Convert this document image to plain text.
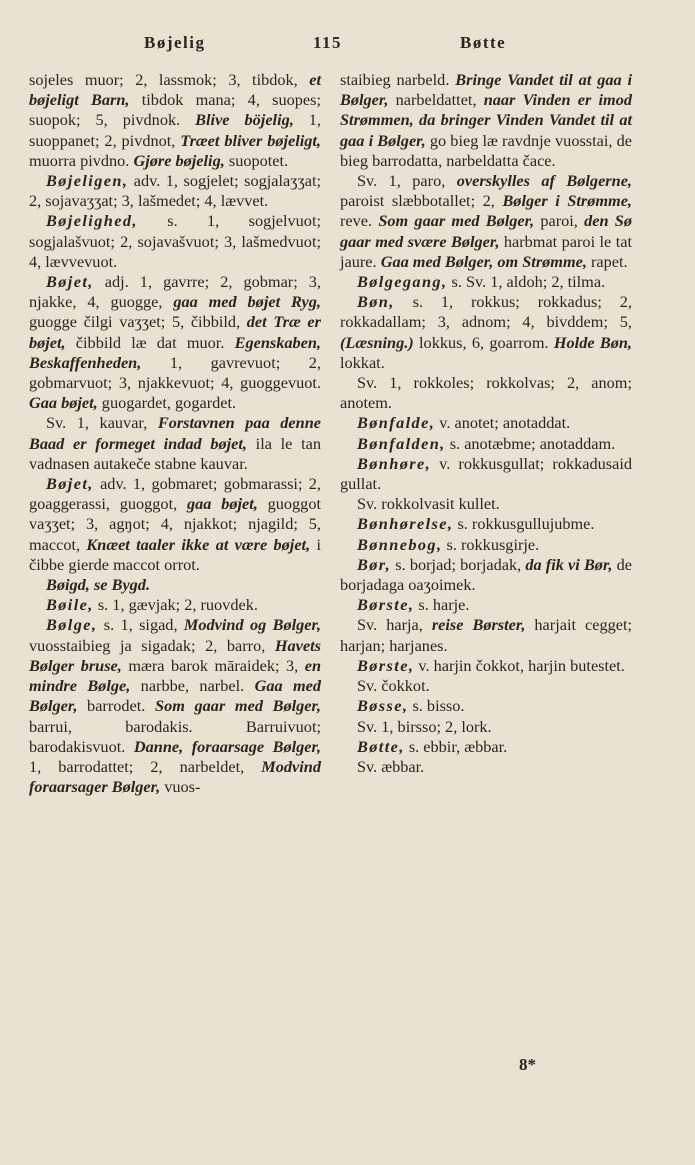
Bøjelig	115	Bøtte

sojeles muor; 2, lassmok; 3, tibdok, et bøjeligt Barn, tibdok mana; 4, suopes; suopok; 5, pivdnok. Blive böjelig, 1, suoppanet; 2, pivdnot, Træet bliver bøjeligt, muorra pivdno. Gjøre bøjelig, suopotet.

Bøjeligen, adv. 1, sogjelet; sogjalaʒʒat; 2, sojavaʒʒat; 3, lašmedet; 4, lævvet.

Bøjelighed, s. 1, sogjelvuot; sogjalašvuot; 2, sojavašvuot; 3, lašmedvuot; 4, lævvevuot.

Bøjet, adj. 1, gavrre; 2, gobmar; 3, njakke, 4, guogge, gaa med bøjet Ryg, guogge čilgi vaʒʒet; 5, čibbild, det Træ er bøjet, čibbild læ dat muor. Egenskaben, Beskaffenheden, 1, gavrevuot; 2, gobmarvuot; 3, njakkevuot; 4, guoggevuot. Gaa bøjet, guogardet, gogardet.

Sv. 1, kauvar, Forstavnen paa denne Baad er formeget indad bøjet, ila le tan vadnasen autakeče stabne kauvar.

Bøjet, adv. 1, gobmaret; gobmarassi; 2, goaggerassi, guoggot, gaa bøjet, guoggot vaʒʒet; 3, agŋot; 4, njakkot; njagild; 5, maccot, Knæet taaler ikke at være bøjet, i čibbe gierde maccot orrot.

Bøigd, se Bygd.

Bøile, s. 1, gævjak; 2, ruovdek.

Bølge, s. 1, sigad, Modvind og Bølger, vuosstaibieg ja sigadak; 2, barro, Havets Bølger bruse, mæra barok māraidek; 3, en mindre Bølge, narbbe, narbel. Gaa med Bølger, barrodet. Som gaar med Bølger, barrui, barodakis. Barruivuot; barodakisvuot. Danne, foraarsage Bølger, 1, barrodattet; 2, narbeldet, Modvind foraarsager Bølger, vuos-

staibieg narbeld. Bringe Vandet til at gaa i Bølger, narbeldattet, naar Vinden er imod Strømmen, da bringer Vinden Vandet til at gaa i Bølger, go bieg læ ravdnje vuosstai, de bieg barrodatta, narbeldatta čace.

Sv. 1, paro, overskylles af Bølgerne, paroist slæbbotallet; 2, Bølger i Strømme, reve. Som gaar med Bølger, paroi, den Sø gaar med svære Bølger, harbmat paroi le tat jaure. Gaa med Bølger, om Strømme, rapet.

Bølgegang, s. Sv. 1, aldoh; 2, tilma.

Bøn, s. 1, rokkus; rokkadus; 2, rokkadallam; 3, adnom; 4, bivddem; 5, (Læsning.) lokkus, 6, goarrom. Holde Bøn, lokkat.

Sv. 1, rokkoles; rokkolvas; 2, anom; anotem.

Bønfalde, v. anotet; anotaddat.

Bønfalden, s. anotæbme; anotaddam.

Bønhøre, v. rokkusgullat; rokkadusaid gullat.

Sv. rokkolvasit kullet.

Bønhørelse, s. rokkusgullujubme.

Bønnebog, s. rokkusgirje.

Bør, s. borjad; borjadak, da fik vi Bør, de borjadaga oaʒoimek.

Børste, s. harje.

Sv. harja, reise Børster, harjait cegget; harjan; harjanes.

Børste, v. harjin čokkot, harjin butestet.

Sv. čokkot.

Bøsse, s. bisso.

Sv. 1, birsso; 2, lork.

Bøtte, s. ebbir, æbbar.

Sv. æbbar.

8*
